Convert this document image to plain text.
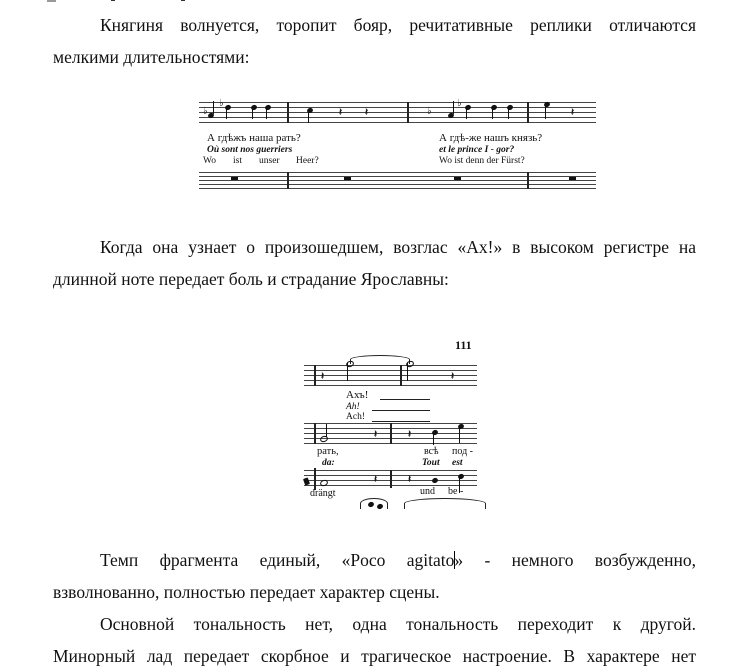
Княгиня волнуется, торопит бояр, речитативные реплики отличаются

мелкими длительностями:

♭
♭
𝄽 𝄽	♭
♭
𝄽
А гдѣжъ наша рать?
Où sont nos guerriers
Wo ist unser Heer?
А гдѣ-же нашъ князь?
et le prince I - gor?
Wo ist denn der Fürst?

Когда она узнает о произошедшем, возглас «Ах!» в высоком регистре на

длинной ноте передает боль и страдание Ярославны:

111
𝄽	𝄽
Ахъ!
Ah!
Ach!
𝄽	𝄽
рать,
da:
всѣ под -
Tout est
𝄽	𝄽
drängt	und be -

Темп фрагмента единый, «Poco agitato» - немного возбужденно,

взволнованно, полностью передает характер сцены.

Основной тональность нет, одна тональность переходит к другой.

Минорный лад передает скорбное и трагическое настроение. В характере нет
